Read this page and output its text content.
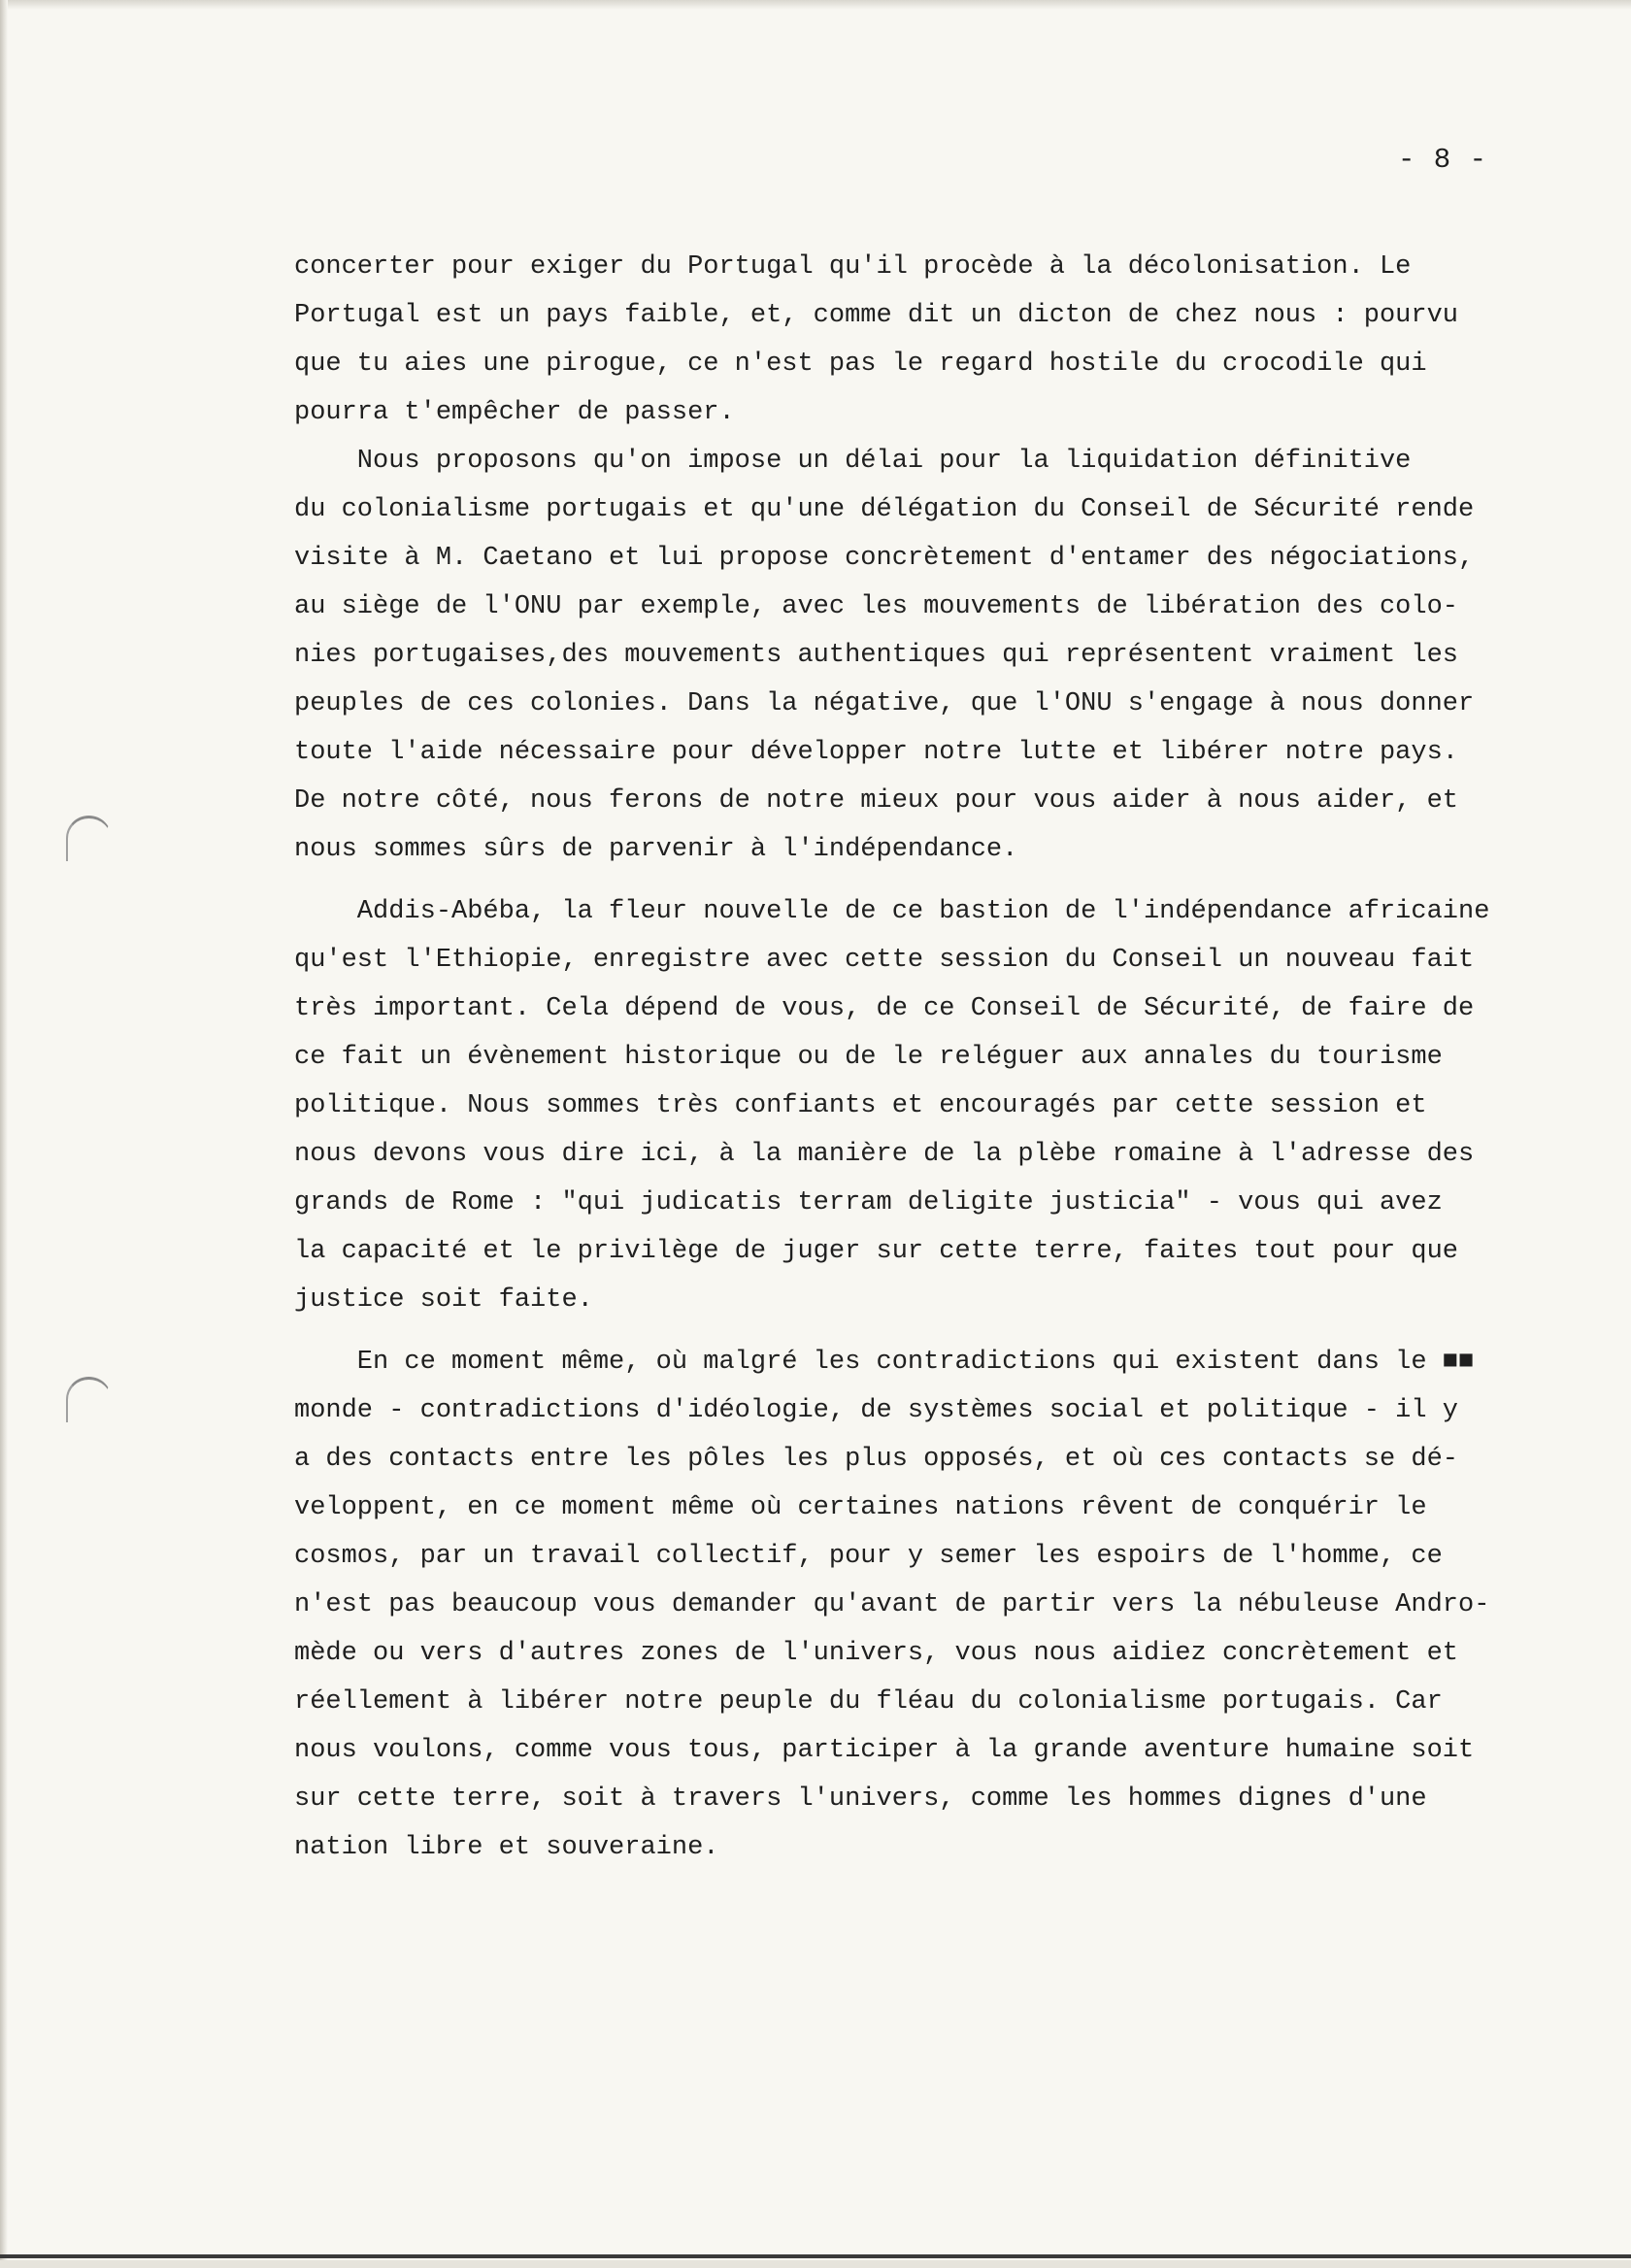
- 8 -

concerter pour exiger du Portugal qu'il procède à la décolonisation. Le

Portugal est un pays faible, et, comme dit un dicton de chez nous : pourvu

que tu aies une pirogue, ce n'est pas le regard hostile du crocodile qui

pourra t'empêcher de passer.

Nous proposons qu'on impose un délai pour la liquidation définitive

du colonialisme portugais et qu'une délégation du Conseil de Sécurité rende

visite à M. Caetano et lui propose concrètement d'entamer des négociations,

au siège de l'ONU par exemple, avec les mouvements de libération des colo-

nies portugaises,des mouvements authentiques qui représentent vraiment les

peuples de ces colonies. Dans la négative, que l'ONU s'engage à nous donner

toute l'aide nécessaire pour développer notre lutte et libérer notre pays.

De notre côté, nous ferons de notre mieux pour vous aider à nous aider, et

nous sommes sûrs de parvenir à l'indépendance.

Addis-Abéba, la fleur nouvelle de ce bastion de l'indépendance africaine

qu'est l'Ethiopie, enregistre avec cette session du Conseil un nouveau fait

très important. Cela dépend de vous, de ce Conseil de Sécurité, de faire de

ce fait un évènement historique ou de le reléguer aux annales du tourisme

politique. Nous sommes très confiants et encouragés par cette session et

nous devons vous dire ici, à la manière de la plèbe romaine à l'adresse des

grands de Rome : "qui judicatis terram deligite justicia" - vous qui avez

la capacité et le privilège de juger sur cette terre, faites tout pour que

justice soit faite.

En ce moment même, où malgré les contradictions qui existent dans le ■■

monde - contradictions d'idéologie, de systèmes social et politique - il y

a des contacts entre les pôles les plus opposés, et où ces contacts se dé-

veloppent, en ce moment même où certaines nations rêvent de conquérir le

cosmos, par un travail collectif, pour y semer les espoirs de l'homme, ce

n'est pas beaucoup vous demander qu'avant de partir vers la nébuleuse Andro-

mède ou vers d'autres zones de l'univers, vous nous aidiez concrètement et

réellement à libérer notre peuple du fléau du colonialisme portugais. Car

nous voulons, comme vous tous, participer à la grande aventure humaine soit

sur cette terre, soit à travers l'univers, comme les hommes dignes d'une

nation libre et souveraine.
